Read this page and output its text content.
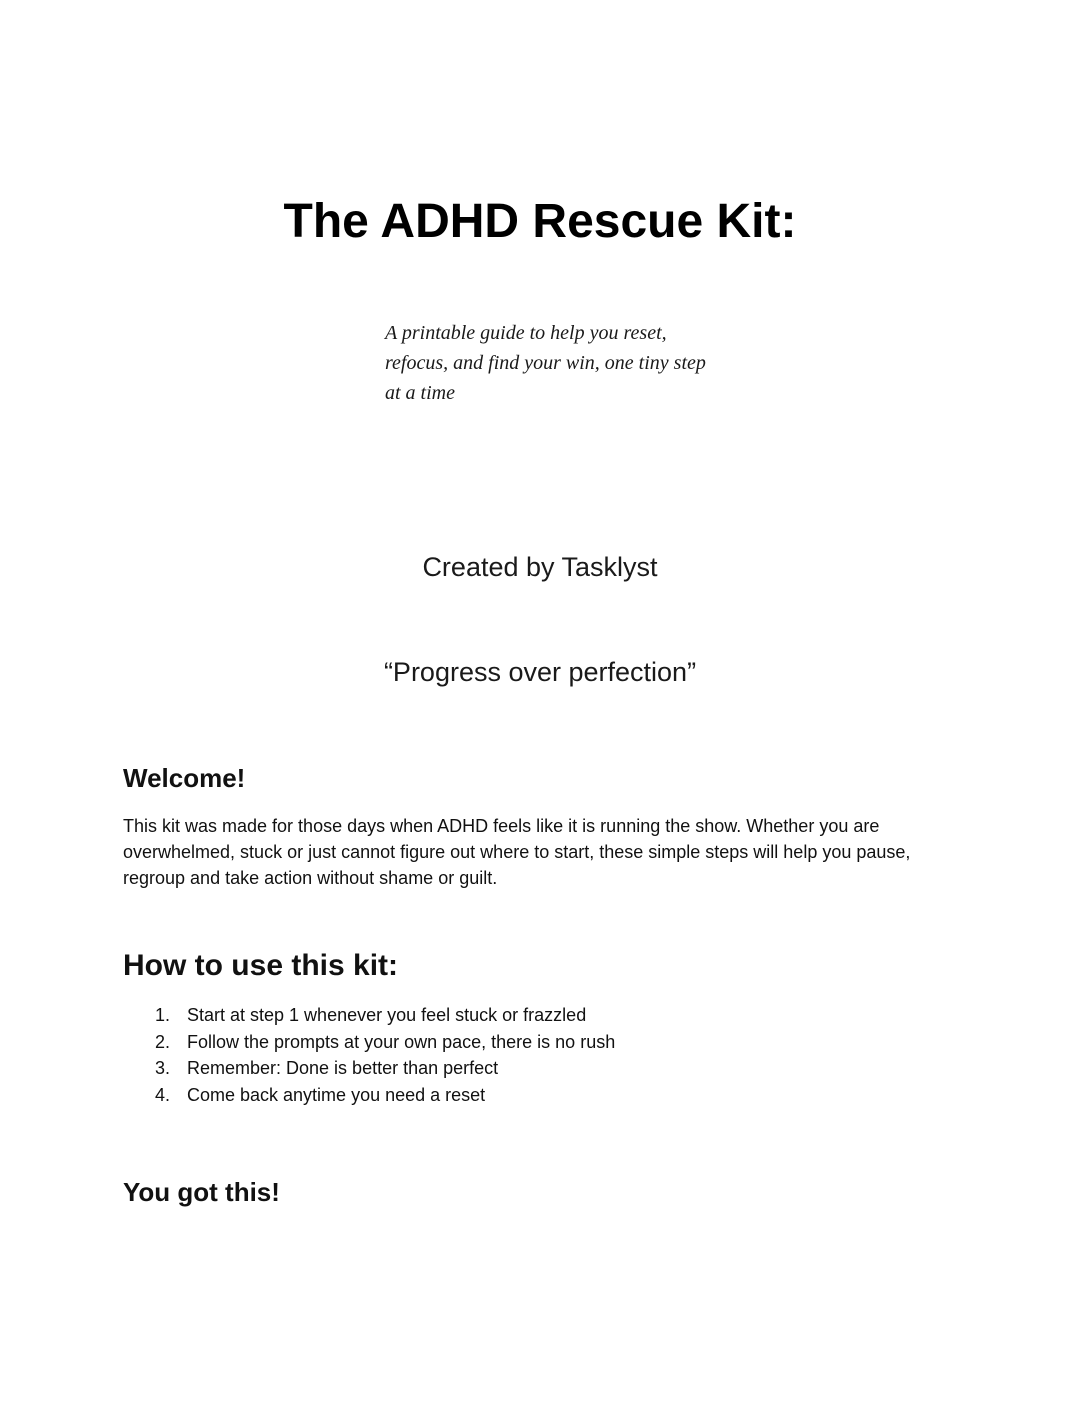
The ADHD Rescue Kit:

A printable guide to help you reset, refocus, and find your win, one tiny step at a time

Created by Tasklyst

“Progress over perfection”

Welcome!

This kit was made for those days when ADHD feels like it is running the show. Whether you are overwhelmed, stuck or just cannot figure out where to start, these simple steps will help you pause, regroup and take action without shame or guilt.

How to use this kit:
1. Start at step 1 whenever you feel stuck or frazzled
2. Follow the prompts at your own pace, there is no rush
3. Remember: Done is better than perfect
4. Come back anytime you need a reset
You got this!
